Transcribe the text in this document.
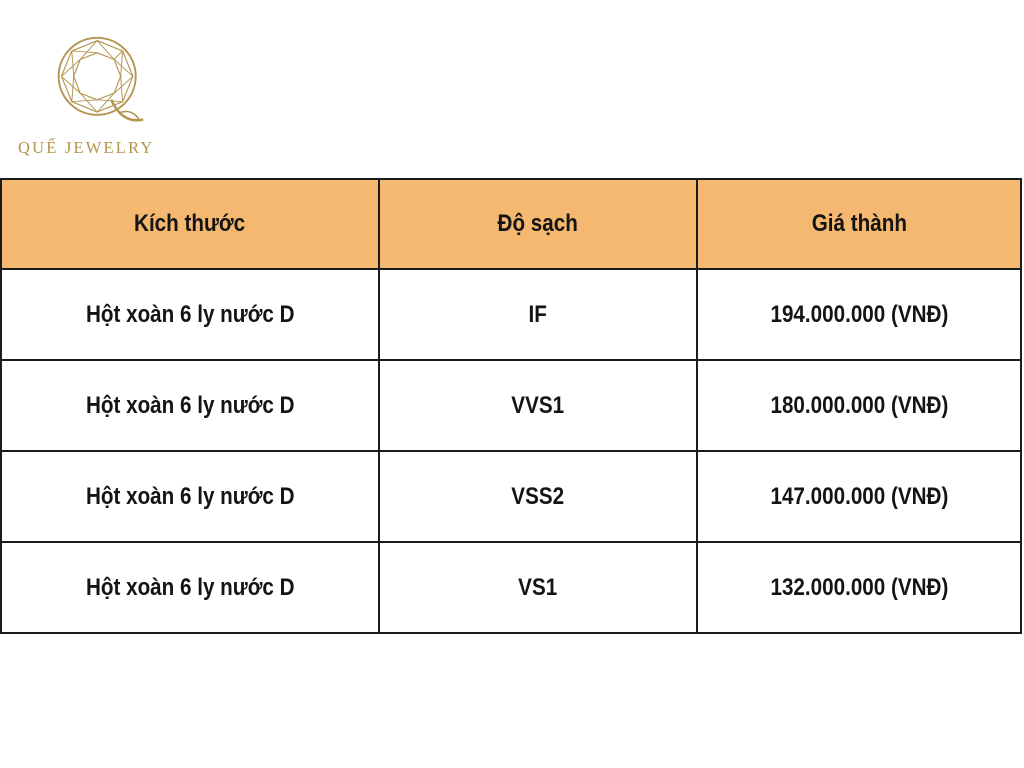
QUẾ JEWELRY
Kích thước	Độ sạch	Giá thành
Hột xoàn 6 ly nước D	IF	194.000.000 (VNĐ)
Hột xoàn 6 ly nước D	VVS1	180.000.000 (VNĐ)
Hột xoàn 6 ly nước D	VSS2	147.000.000 (VNĐ)
Hột xoàn 6 ly nước D	VS1	132.000.000 (VNĐ)
